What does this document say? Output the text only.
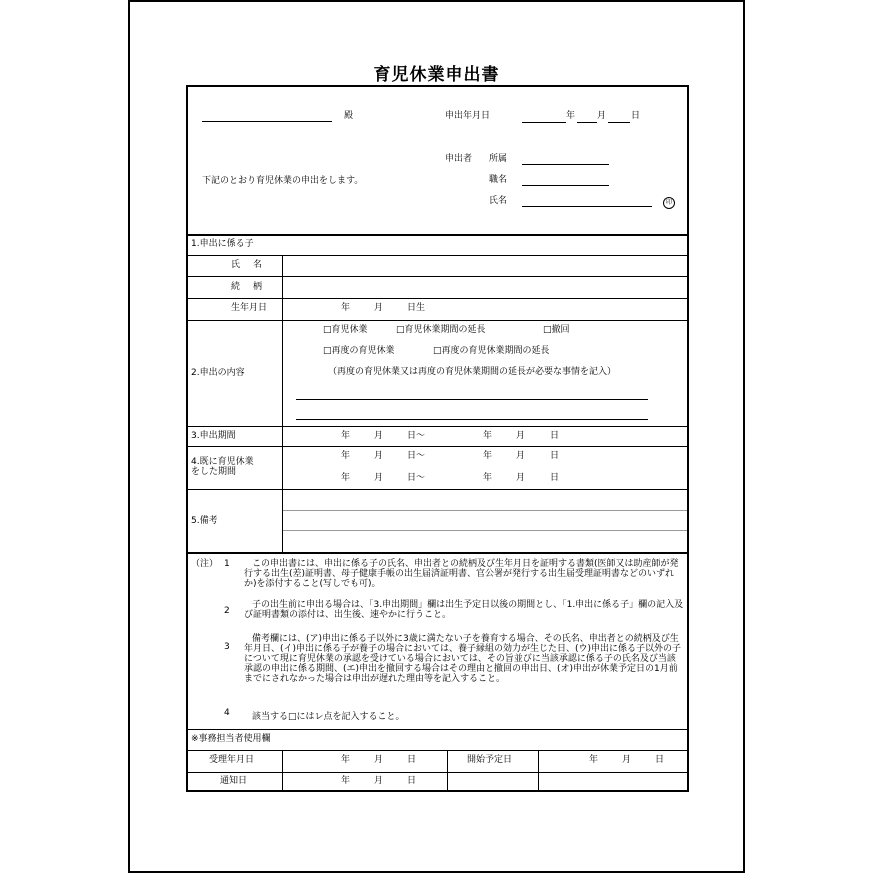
育児休業申出書
殿	申出年月日	年 月	日
申出者 所属
下記のとおり育児休業の申出をします。	職名
氏名	印
1.申出に係る子
氏　名
続　柄
生年月日	年	月	日生
2.申出の内容
□育児休業	□育児休業期間の延長	□撤回
□再度の育児休業	□再度の育児休業期間の延長
（再度の育児休業又は再度の育児休業期間の延長が必要な事情を記入）
3.申出期間	年	月	日～	年	月	日
4.既に育児休業
をした期間
年	月	日～	年	月	日
年	月	日～	年	月	日
5.備考
（注） 1	この申出書には、申出に係る子の氏名、申出者との続柄及び生年月日を証明する書類(医師又は助産師が発行する出生(差)証明書、母子健康手帳の出生届済証明書、官公署が発行する出生届受理証明書などのいずれか)を添付すること(写しでも可)。

2

子の出生前に申出る場合は、「3.申出期間」欄は出生予定日以後の期間とし、「1.申出に係る子」欄の記入及び証明書類の添付は、出生後、速やかに行うこと。

3

備考欄には、(ア)申出に係る子以外に3歳に満たない子を養育する場合、その氏名、申出者との続柄及び生年月日、(イ)申出に係る子が養子の場合においては、養子縁組の効力が生じた日、(ウ)申出に係る子以外の子について現に育児休業の承認を受けている場合においては、その旨並びに当該承認に係る子の氏名及び当該承認の申出に係る期間、(エ)申出を撤回する場合はその理由と撤回の申出日、(オ)申出が休業予定日の1月前までにされなかった場合は申出が遅れた理由等を記入すること。

4	該当する□にはレ点を記入すること。

※事務担当者使用欄
受理年月日	年	月	日	開始予定日	年	月	日
通知日	年	月	日
